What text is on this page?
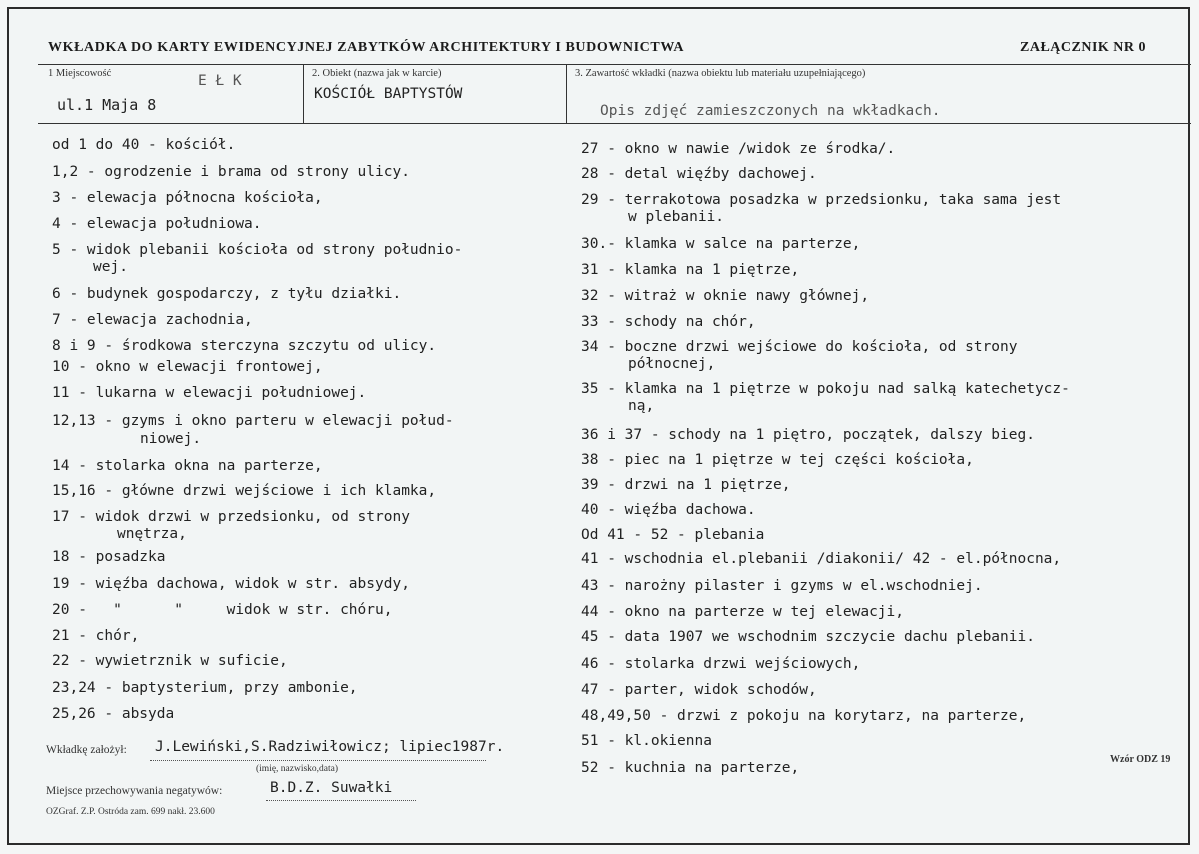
WKŁADKA DO KARTY EWIDENCYJNEJ ZABYTKÓW ARCHITEKTURY I BUDOWNICTWA	ZAŁĄCZNIK NR 0
1 Miejscowość	E Ł K
ul.1 Maja 8
2. Obiekt (nazwa jak w karcie)
KOŚCIÓŁ BAPTYSTÓW
3. Zawartość wkładki (nazwa obiektu lub materiału uzupełniającego)
Opis zdjęć zamieszczonych na wkładkach.
od 1 do 40 - kościół.
1,2 - ogrodzenie i brama od strony ulicy.
3 - elewacja północna kościoła,
4 - elewacja południowa.
5 - widok plebanii kościoła od strony południo-
wej.
6 - budynek gospodarczy, z tyłu działki.
7 - elewacja zachodnia,
8 i 9 - środkowa sterczyna szczytu od ulicy.
10 - okno w elewacji frontowej,
11 - lukarna w elewacji południowej.
12,13 - gzyms i okno parteru w elewacji połud-
niowej.
14 - stolarka okna na parterze,
15,16 - główne drzwi wejściowe i ich klamka,
17 - widok drzwi w przedsionku, od strony
wnętrza,
18 - posadzka
19 - więźba dachowa, widok w str. absydy,
20 -   "      "     widok w str. chóru,
21 - chór,
22 - wywietrznik w suficie,
23,24 - baptysterium, przy ambonie,
25,26 - absyda
27 - okno w nawie /widok ze środka/.
28 - detal więźby dachowej.
29 - terrakotowa posadzka w przedsionku, taka sama jest
w plebanii.
30.- klamka w salce na parterze,
31 - klamka na 1 piętrze,
32 - witraż w oknie nawy głównej,
33 - schody na chór,
34 - boczne drzwi wejściowe do kościoła, od strony
północnej,
35 - klamka na 1 piętrze w pokoju nad salką katechetycz-
ną,
36 i 37 - schody na 1 piętro, początek, dalszy bieg.
38 - piec na 1 piętrze w tej części kościoła,
39 - drzwi na 1 piętrze,
40 - więźba dachowa.
Od 41 - 52 - plebania
41 - wschodnia el.plebanii /diakonii/ 42 - el.północna,
43 - narożny pilaster i gzyms w el.wschodniej.
44 - okno na parterze w tej elewacji,
45 - data 1907 we wschodnim szczycie dachu plebanii.
46 - stolarka drzwi wejściowych,
47 - parter, widok schodów,
48,49,50 - drzwi z pokoju na korytarz, na parterze,
51 - kl.okienna
52 - kuchnia na parterze,
Wkładkę założył: J.Lewiński,S.Radziwiłowicz; lipiec1987r.
(imię, nazwisko,data)
Miejsce przechowywania negatywów:	B.D.Z. Suwałki
OZGraf. Z.P. Ostróda zam. 699 nakł. 23.600
Wzór ODZ 19
